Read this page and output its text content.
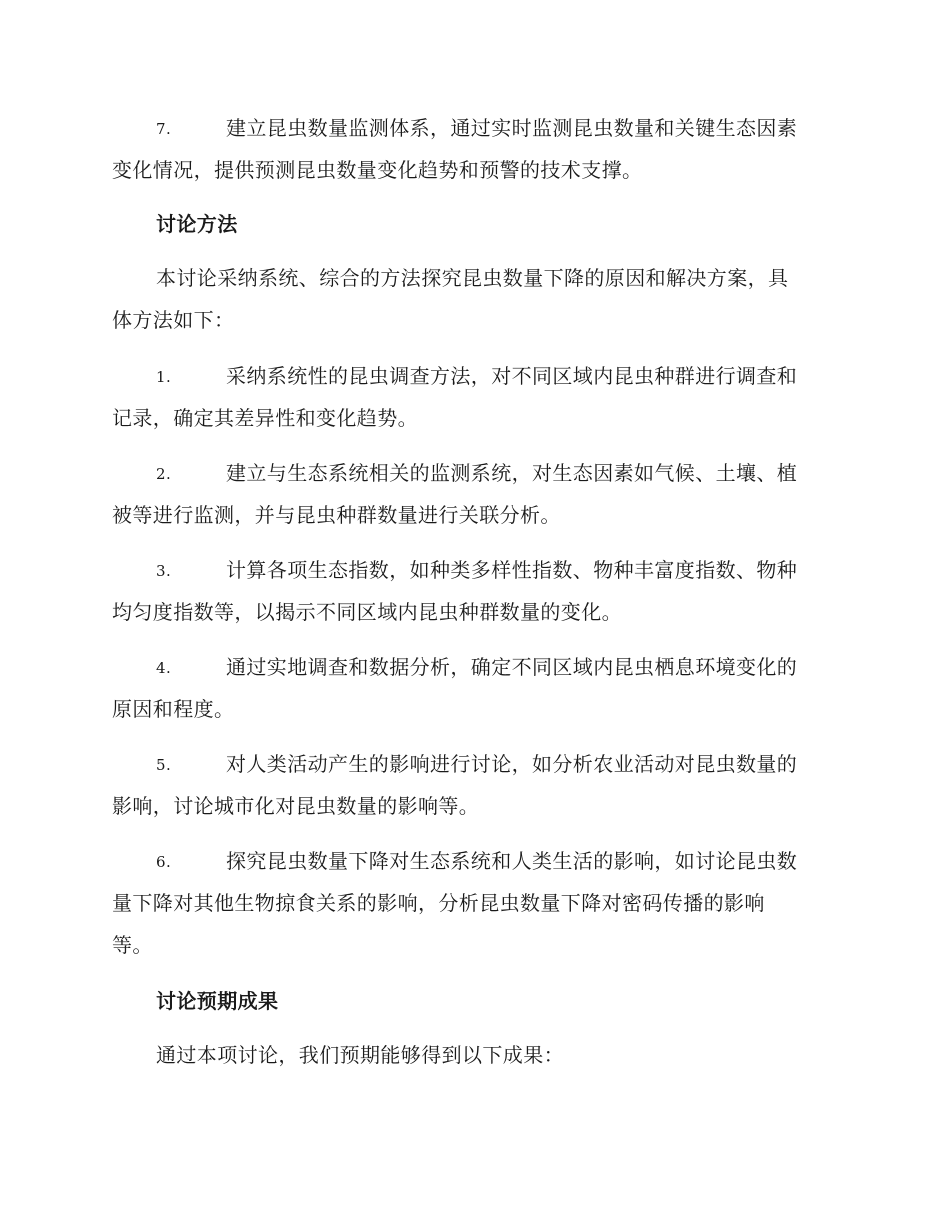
7.	建立昆虫数量监测体系，通过实时监测昆虫数量和关键生态因素
变化情况，提供预测昆虫数量变化趋势和预警的技术支撑。
讨论方法
本讨论采纳系统、综合的方法探究昆虫数量下降的原因和解决方案，具
体方法如下：
1.	采纳系统性的昆虫调查方法，对不同区域内昆虫种群进行调查和
记录，确定其差异性和变化趋势。
2.	建立与生态系统相关的监测系统，对生态因素如气候、土壤、植
被等进行监测，并与昆虫种群数量进行关联分析。
3.	计算各项生态指数，如种类多样性指数、物种丰富度指数、物种
均匀度指数等，以揭示不同区域内昆虫种群数量的变化。
4.	通过实地调查和数据分析，确定不同区域内昆虫栖息环境变化的
原因和程度。
5.	对人类活动产生的影响进行讨论，如分析农业活动对昆虫数量的
影响，讨论城市化对昆虫数量的影响等。
6.	探究昆虫数量下降对生态系统和人类生活的影响，如讨论昆虫数
量下降对其他生物掠食关系的影响，分析昆虫数量下降对密码传播的影响
等。
讨论预期成果
通过本项讨论，我们预期能够得到以下成果：
